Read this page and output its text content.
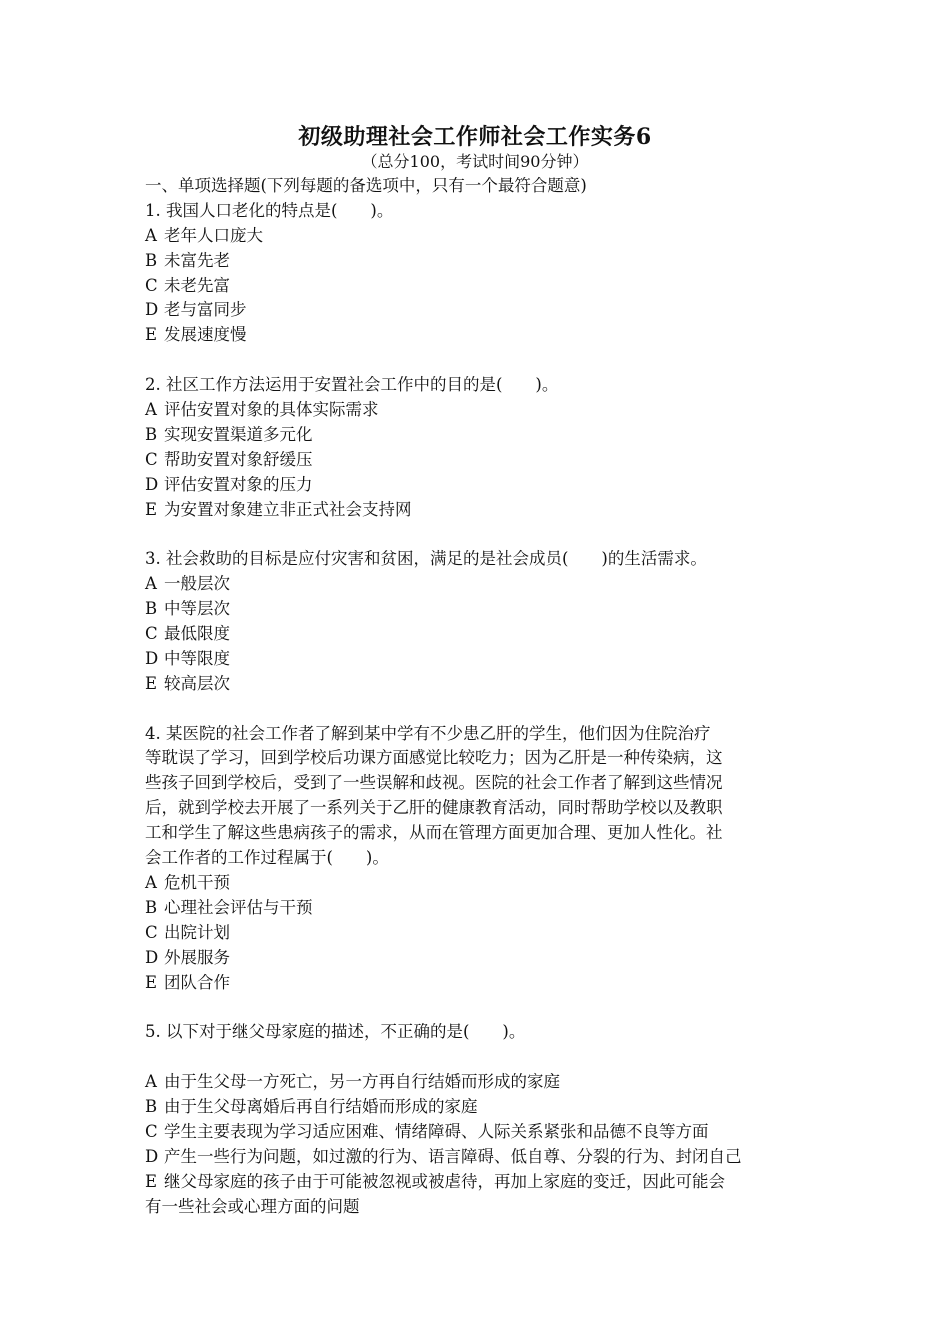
初级助理社会工作师社会工作实务6
（总分100，考试时间90分钟）
一、单项选择题(下列每题的备选项中，只有一个最符合题意)
1. 我国人口老化的特点是(　　)。
A 老年人口庞大
B 未富先老
C 未老先富
D 老与富同步
E 发展速度慢
2. 社区工作方法运用于安置社会工作中的目的是(　　)。
A 评估安置对象的具体实际需求
B 实现安置渠道多元化
C 帮助安置对象舒缓压
D 评估安置对象的压力
E 为安置对象建立非正式社会支持网
3. 社会救助的目标是应付灾害和贫困，满足的是社会成员(　　)的生活需求。
A 一般层次
B 中等层次
C 最低限度
D 中等限度
E 较高层次
4. 某医院的社会工作者了解到某中学有不少患乙肝的学生，他们因为住院治疗
等耽误了学习，回到学校后功课方面感觉比较吃力；因为乙肝是一种传染病，这
些孩子回到学校后，受到了一些误解和歧视。医院的社会工作者了解到这些情况
后，就到学校去开展了一系列关于乙肝的健康教育活动，同时帮助学校以及教职
工和学生了解这些患病孩子的需求，从而在管理方面更加合理、更加人性化。社
会工作者的工作过程属于(　　)。
A 危机干预
B 心理社会评估与干预
C 出院计划
D 外展服务
E 团队合作
5. 以下对于继父母家庭的描述，不正确的是(　　)。
A 由于生父母一方死亡，另一方再自行结婚而形成的家庭
B 由于生父母离婚后再自行结婚而形成的家庭
C 学生主要表现为学习适应困难、情绪障碍、人际关系紧张和品德不良等方面
D 产生一些行为问题，如过激的行为、语言障碍、低自尊、分裂的行为、封闭自己
E 继父母家庭的孩子由于可能被忽视或被虐待，再加上家庭的变迁，因此可能会
有一些社会或心理方面的问题
